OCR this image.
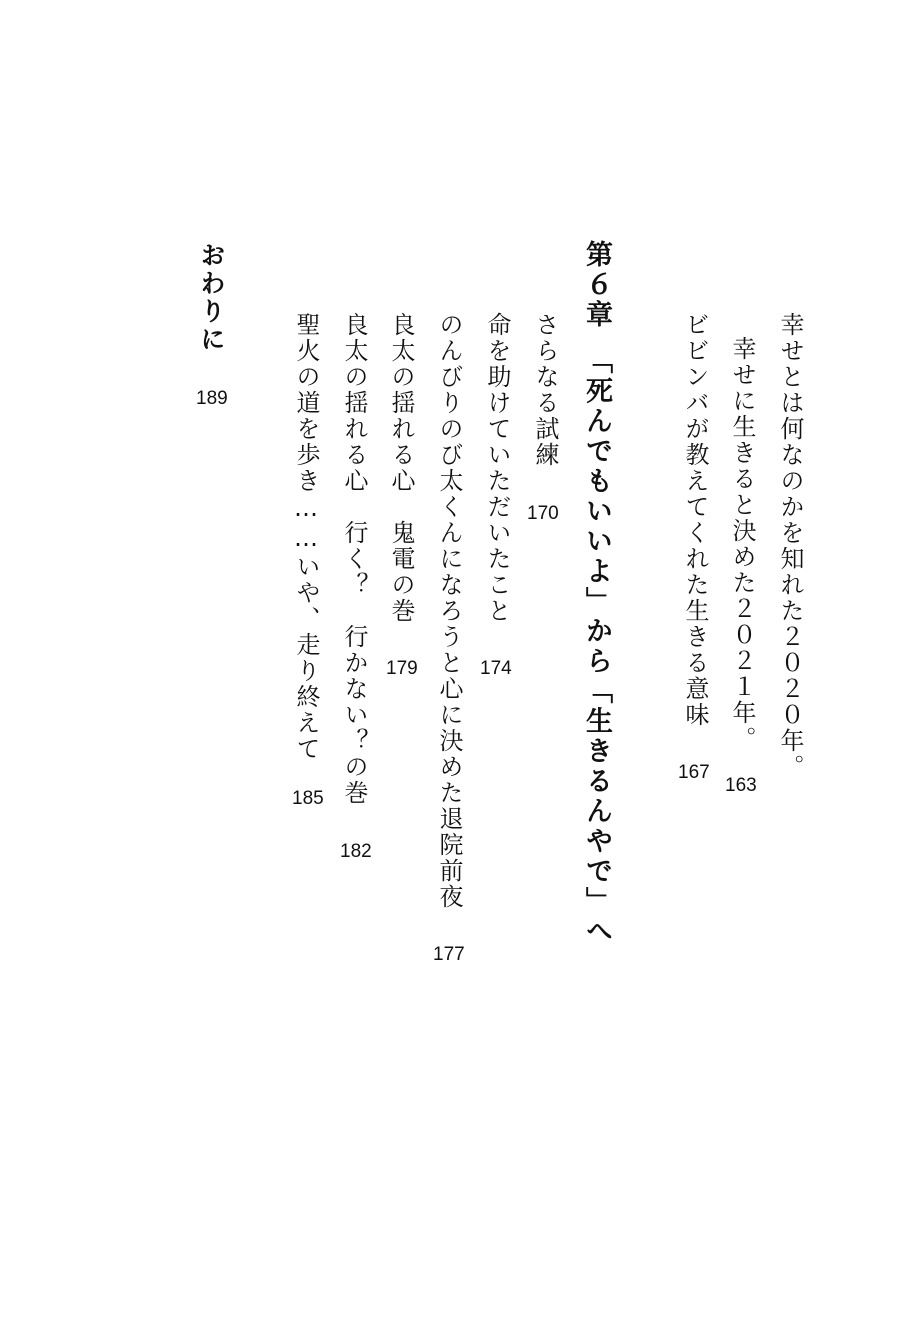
幸せとは何なのかを知れた２０２０年。
幸せに生きると決めた２０２１年。
163
ビビンバが教えてくれた生きる意味
167
第６章　「死んでもいいよ」から「生きるんやで」へ
さらなる試練
170
命を助けていただいたこと
174
のんびりのび太くんになろうと心に決めた退院前夜
177
良太の揺れる心　鬼電の巻
179
良太の揺れる心　行く？　行かない？の巻
182
聖火の道を歩き……いや、走り終えて
185
おわりに
189
